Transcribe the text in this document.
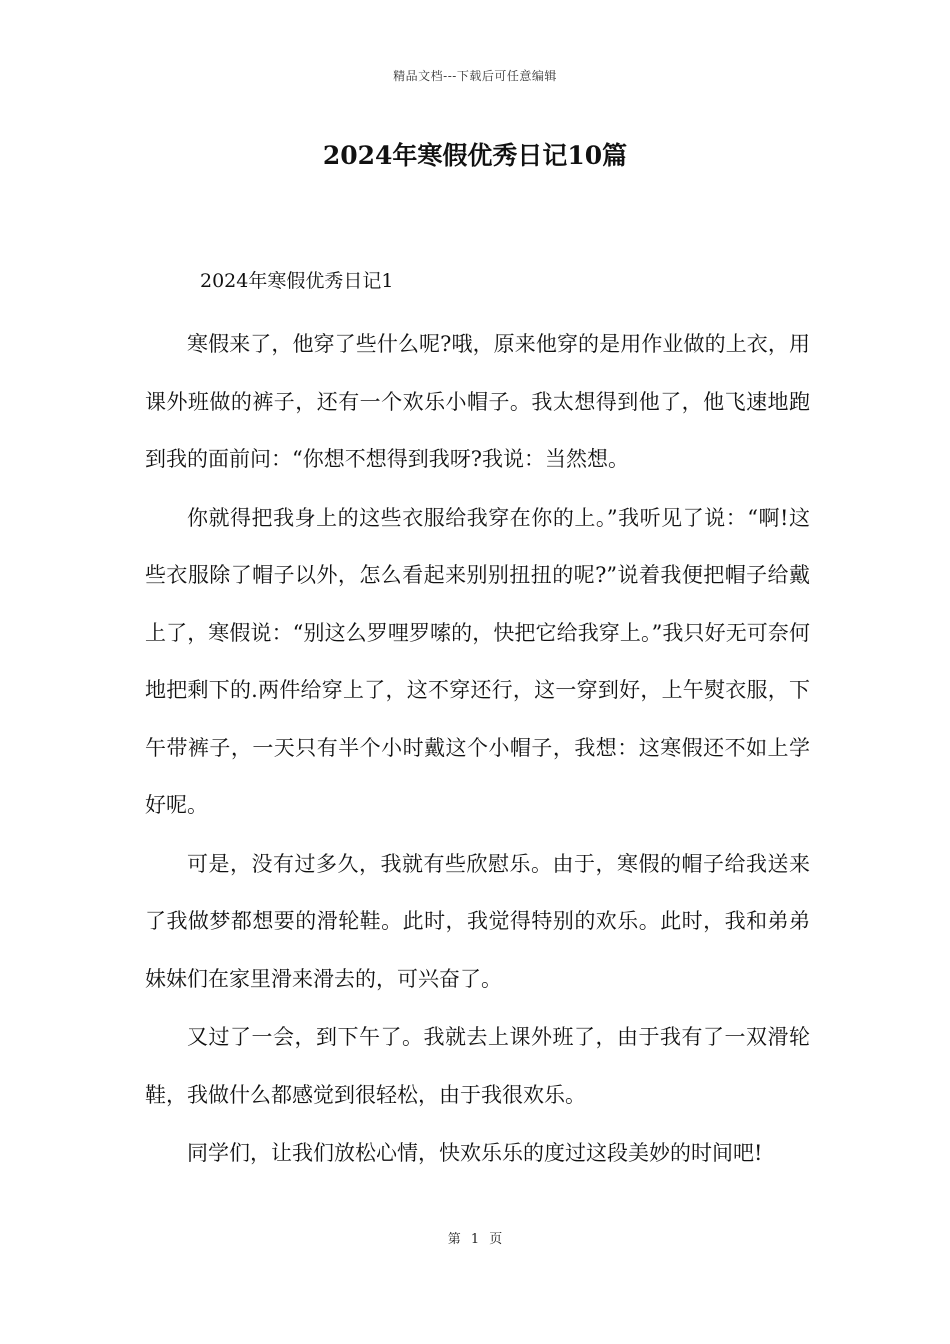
精品文档---下载后可任意编辑
2024年寒假优秀日记10篇
2024年寒假优秀日记1

寒假来了，他穿了些什么呢?哦，原来他穿的是用作业做的上衣，用课外班做的裤子，还有一个欢乐小帽子。我太想得到他了，他飞速地跑到我的面前问：“你想不想得到我呀?我说：当然想。

你就得把我身上的这些衣服给我穿在你的上。”我听见了说：“啊!这些衣服除了帽子以外，怎么看起来别别扭扭的呢?”说着我便把帽子给戴上了，寒假说：“别这么罗哩罗嗦的，快把它给我穿上。”我只好无可奈何地把剩下的.两件给穿上了，这不穿还行，这一穿到好，上午熨衣服，下午带裤子，一天只有半个小时戴这个小帽子，我想：这寒假还不如上学好呢。

可是，没有过多久，我就有些欣慰乐。由于，寒假的帽子给我送来了我做梦都想要的滑轮鞋。此时，我觉得特别的欢乐。此时，我和弟弟妹妹们在家里滑来滑去的，可兴奋了。

又过了一会，到下午了。我就去上课外班了，由于我有了一双滑轮鞋，我做什么都感觉到很轻松，由于我很欢乐。

同学们，让我们放松心情，快欢乐乐的度过这段美妙的时间吧!

第 1 页
